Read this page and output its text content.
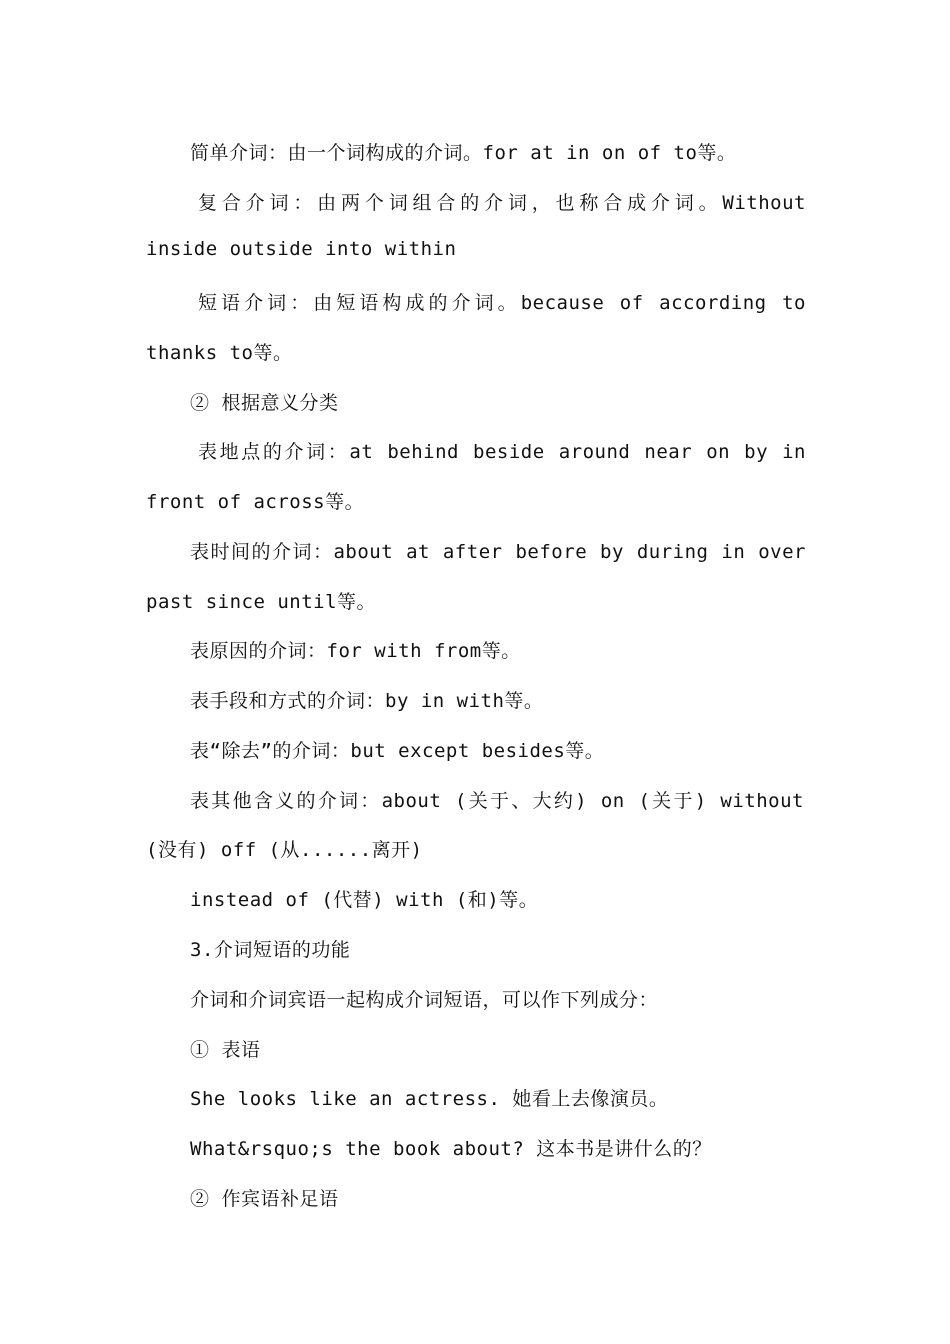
简单介词：由一个词构成的介词。for at in on of to等。
复合介词：由两个词组合的介词，也称合成介词。Without
inside outside into within
短语介词：由短语构成的介词。because of according to
thanks to等。
② 根据意义分类
表地点的介词：at behind beside around near on by in
front of across等。
表时间的介词：about at after before by during in over
past since until等。
表原因的介词：for with from等。
表手段和方式的介词：by in with等。
表“除去”的介词：but except besides等。
表其他含义的介词：about (关于、大约) on (关于) without
(没有) off (从......离开)
instead of (代替) with (和)等。
3.介词短语的功能
介词和介词宾语一起构成介词短语，可以作下列成分：
① 表语
She looks like an actress. 她看上去像演员。
What&rsquo;s the book about? 这本书是讲什么的？
② 作宾语补足语
